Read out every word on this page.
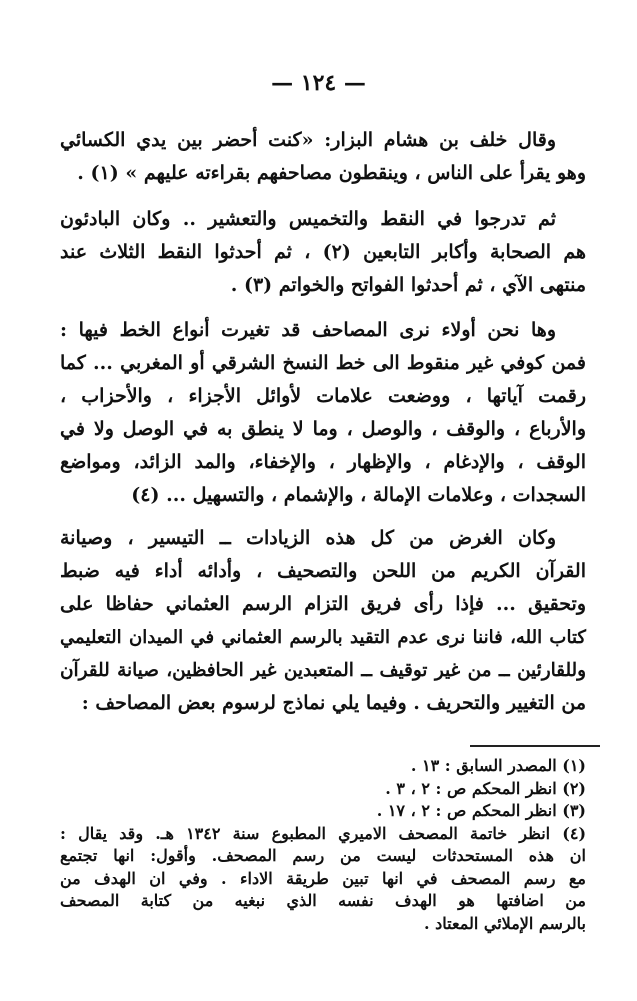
— ١٢٤ —
وقال خلف بن هشام البزار: «كنت أحضر بين يدي الكسائي
وهو يقرأ على الناس ، وينقطون مصاحفهم بقراءته عليهم » (١) .
ثم تدرجوا في النقط والتخميس والتعشير .. وكان البادئون
هم الصحابة وأكابر التابعين (٢) ، ثم أحدثوا النقط الثلاث عند
منتهى الآي ، ثم أحدثوا الفواتح والخواتم (٣) .
وها نحن أولاء نرى المصاحف قد تغيرت أنواع الخط فيها :
فمن كوفي غير منقوط الى خط النسخ الشرقي أو المغربي ... كما
رقمت آياتها ، ووضعت علامات لأوائل الأجزاء ، والأحزاب ،
والأرباع ، والوقف ، والوصل ، وما لا ينطق به في الوصل ولا في
الوقف ، والإدغام ، والإظهار ، والإخفاء، والمد الزائد، ومواضع
السجدات ، وعلامات الإمالة ، والإشمام ، والتسهيل ... (٤)
وكان الغرض من كل هذه الزيادات ــ التيسير ، وصيانة
القرآن الكريم من اللحن والتصحيف ، وأدائه أداء فيه ضبط
وتحقيق ... فإذا رأى فريق التزام الرسم العثماني حفاظا على
كتاب الله، فاننا نرى عدم التقيد بالرسم العثماني في الميدان التعليمي
وللقارئين ــ من غير توقيف ــ المتعبدين غير الحافظين، صيانة للقرآن
من التغيير والتحريف . وفيما يلي نماذج لرسوم بعض المصاحف :
(١) المصدر السابق : ١٣ .
(٢) انظر المحكم ص : ٢ ، ٣ .
(٣) انظر المحكم ص : ٢ ، ١٧ .
(٤) انظر خاتمة المصحف الاميري المطبوع سنة ١٣٤٢ هـ. وقد يقال :
ان هذه المستحدثات ليست من رسم المصحف. وأقول: انها تجتمع
مع رسم المصحف في انها تبين طريقة الاداء . وفي ان الهدف من
من اضافتها هو الهدف نفسه الذي نبغيه من كتابة المصحف
بالرسم الإملائي المعتاد .
